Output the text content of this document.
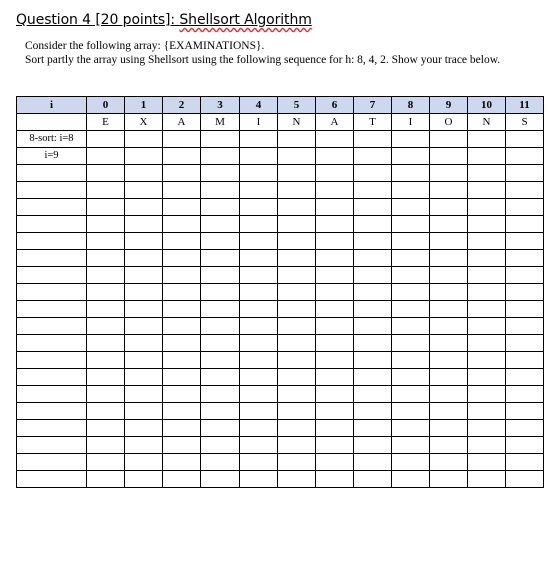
Question 4 [20 points]: Shellsort Algorithm
Consider the following array: {EXAMINATIONS}.
Sort partly the array using Shellsort using the following sequence for h: 8, 4, 2. Show your trace below.
i	0	1	2	3	4	5	6	7	8	9	10	11
	E	X	A	M	I	N	A	T	I	O	N	S
8-sort: i=8												
i=9												
